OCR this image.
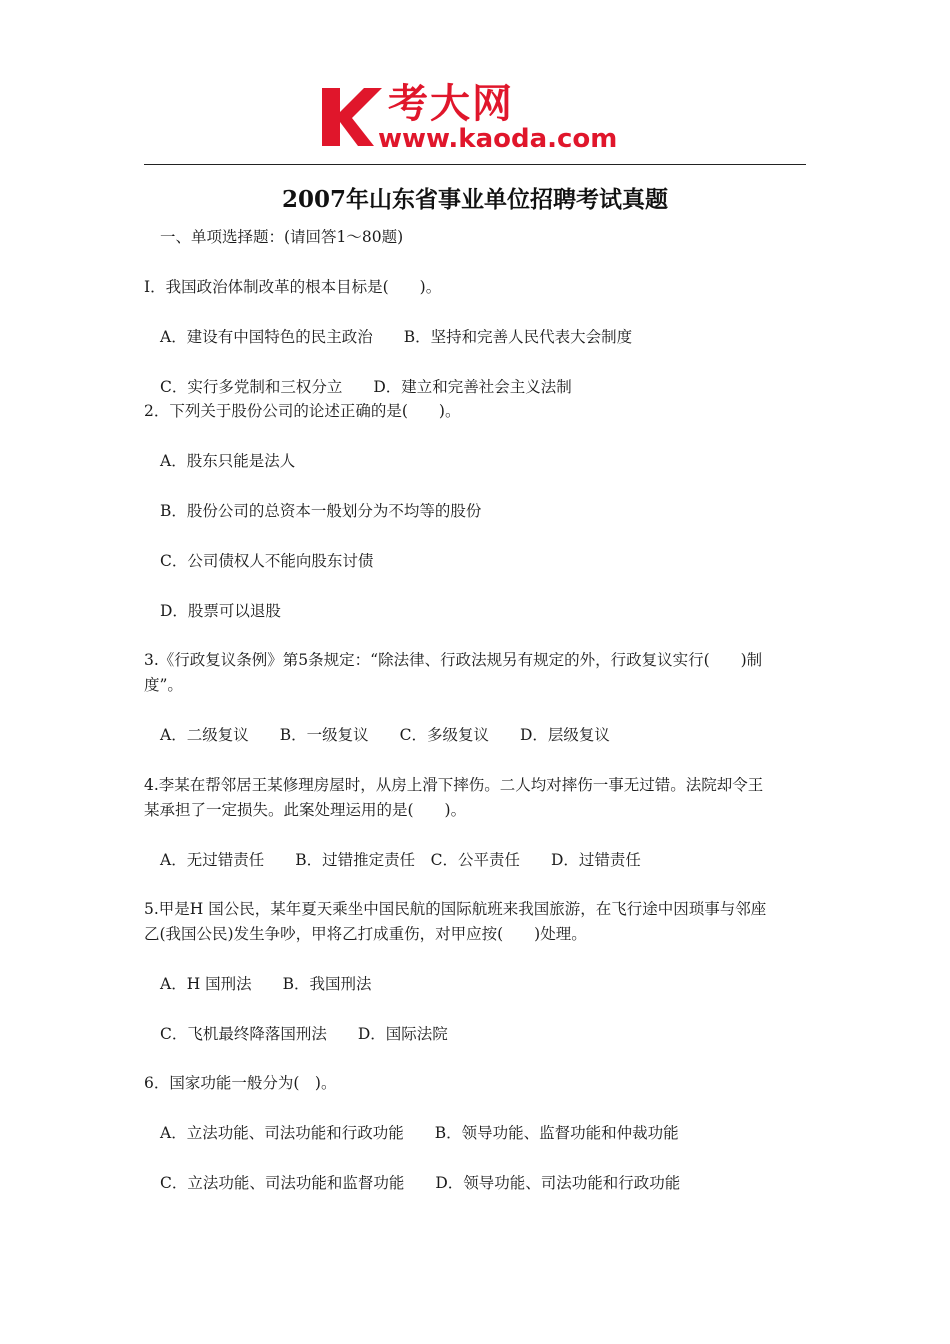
考大网
www.kaoda.com
2007年山东省事业单位招聘考试真题
一、单项选择题：(请回答1～80题)
I．我国政治体制改革的根本目标是(　　)。
A．建设有中国特色的民主政治　　B．坚持和完善人民代表大会制度
C．实行多党制和三权分立　　D．建立和完善社会主义法制
2．下列关于股份公司的论述正确的是(　　)。
A．股东只能是法人
B．股份公司的总资本一般划分为不均等的股份
C．公司债权人不能向股东讨债
D．股票可以退股
3.《行政复议条例》第5条规定：“除法律、行政法规另有规定的外，行政复议实行(　　)制
度”。
A．二级复议　　B．一级复议　　C．多级复议　　D．层级复议
4.李某在帮邻居王某修理房屋时，从房上滑下摔伤。二人均对摔伤一事无过错。法院却令王
某承担了一定损失。此案处理运用的是(　　)。
A．无过错责任　　B．过错推定责任　C．公平责任　　D．过错责任
5.甲是H 国公民，某年夏天乘坐中国民航的国际航班来我国旅游，在飞行途中因琐事与邻座
乙(我国公民)发生争吵，甲将乙打成重伤，对甲应按(　　)处理。
A．H 国刑法　　B．我国刑法
C．飞机最终降落国刑法　　D．国际法院
6．国家功能一般分为(　)。
A．立法功能、司法功能和行政功能　　B．领导功能、监督功能和仲裁功能
C．立法功能、司法功能和监督功能　　D．领导功能、司法功能和行政功能
